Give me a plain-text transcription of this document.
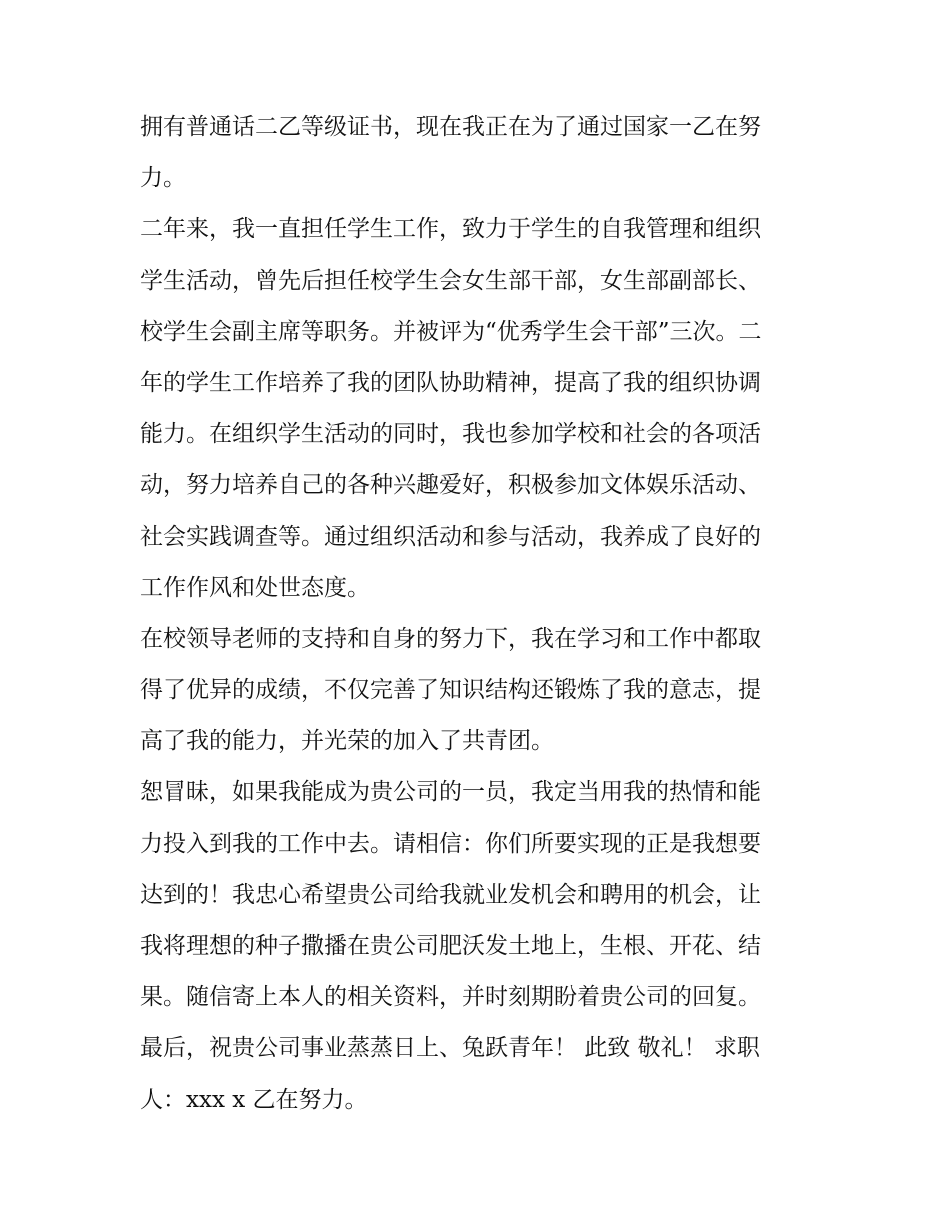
拥有普通话二乙等级证书，现在我正在为了通过国家一乙在努

力。

二年来，我一直担任学生工作，致力于学生的自我管理和组织

学生活动，曾先后担任校学生会女生部干部，女生部副部长、

校学生会副主席等职务。并被评为“优秀学生会干部”三次。二

年的学生工作培养了我的团队协助精神，提高了我的组织协调

能力。在组织学生活动的同时，我也参加学校和社会的各项活

动，努力培养自己的各种兴趣爱好，积极参加文体娱乐活动、

社会实践调查等。通过组织活动和参与活动，我养成了良好的

工作作风和处世态度。

在校领导老师的支持和自身的努力下，我在学习和工作中都取

得了优异的成绩，不仅完善了知识结构还锻炼了我的意志，提

高了我的能力，并光荣的加入了共青团。

恕冒昧，如果我能成为贵公司的一员，我定当用我的热情和能

力投入到我的工作中去。请相信：你们所要实现的正是我想要

达到的！我忠心希望贵公司给我就业发机会和聘用的机会，让

我将理想的种子撒播在贵公司肥沃发土地上，生根、开花、结

果。随信寄上本人的相关资料，并时刻期盼着贵公司的回复。

最后，祝贵公司事业蒸蒸日上、兔跃青年！ 此致 敬礼！ 求职

人：xxx x 乙在努力。
